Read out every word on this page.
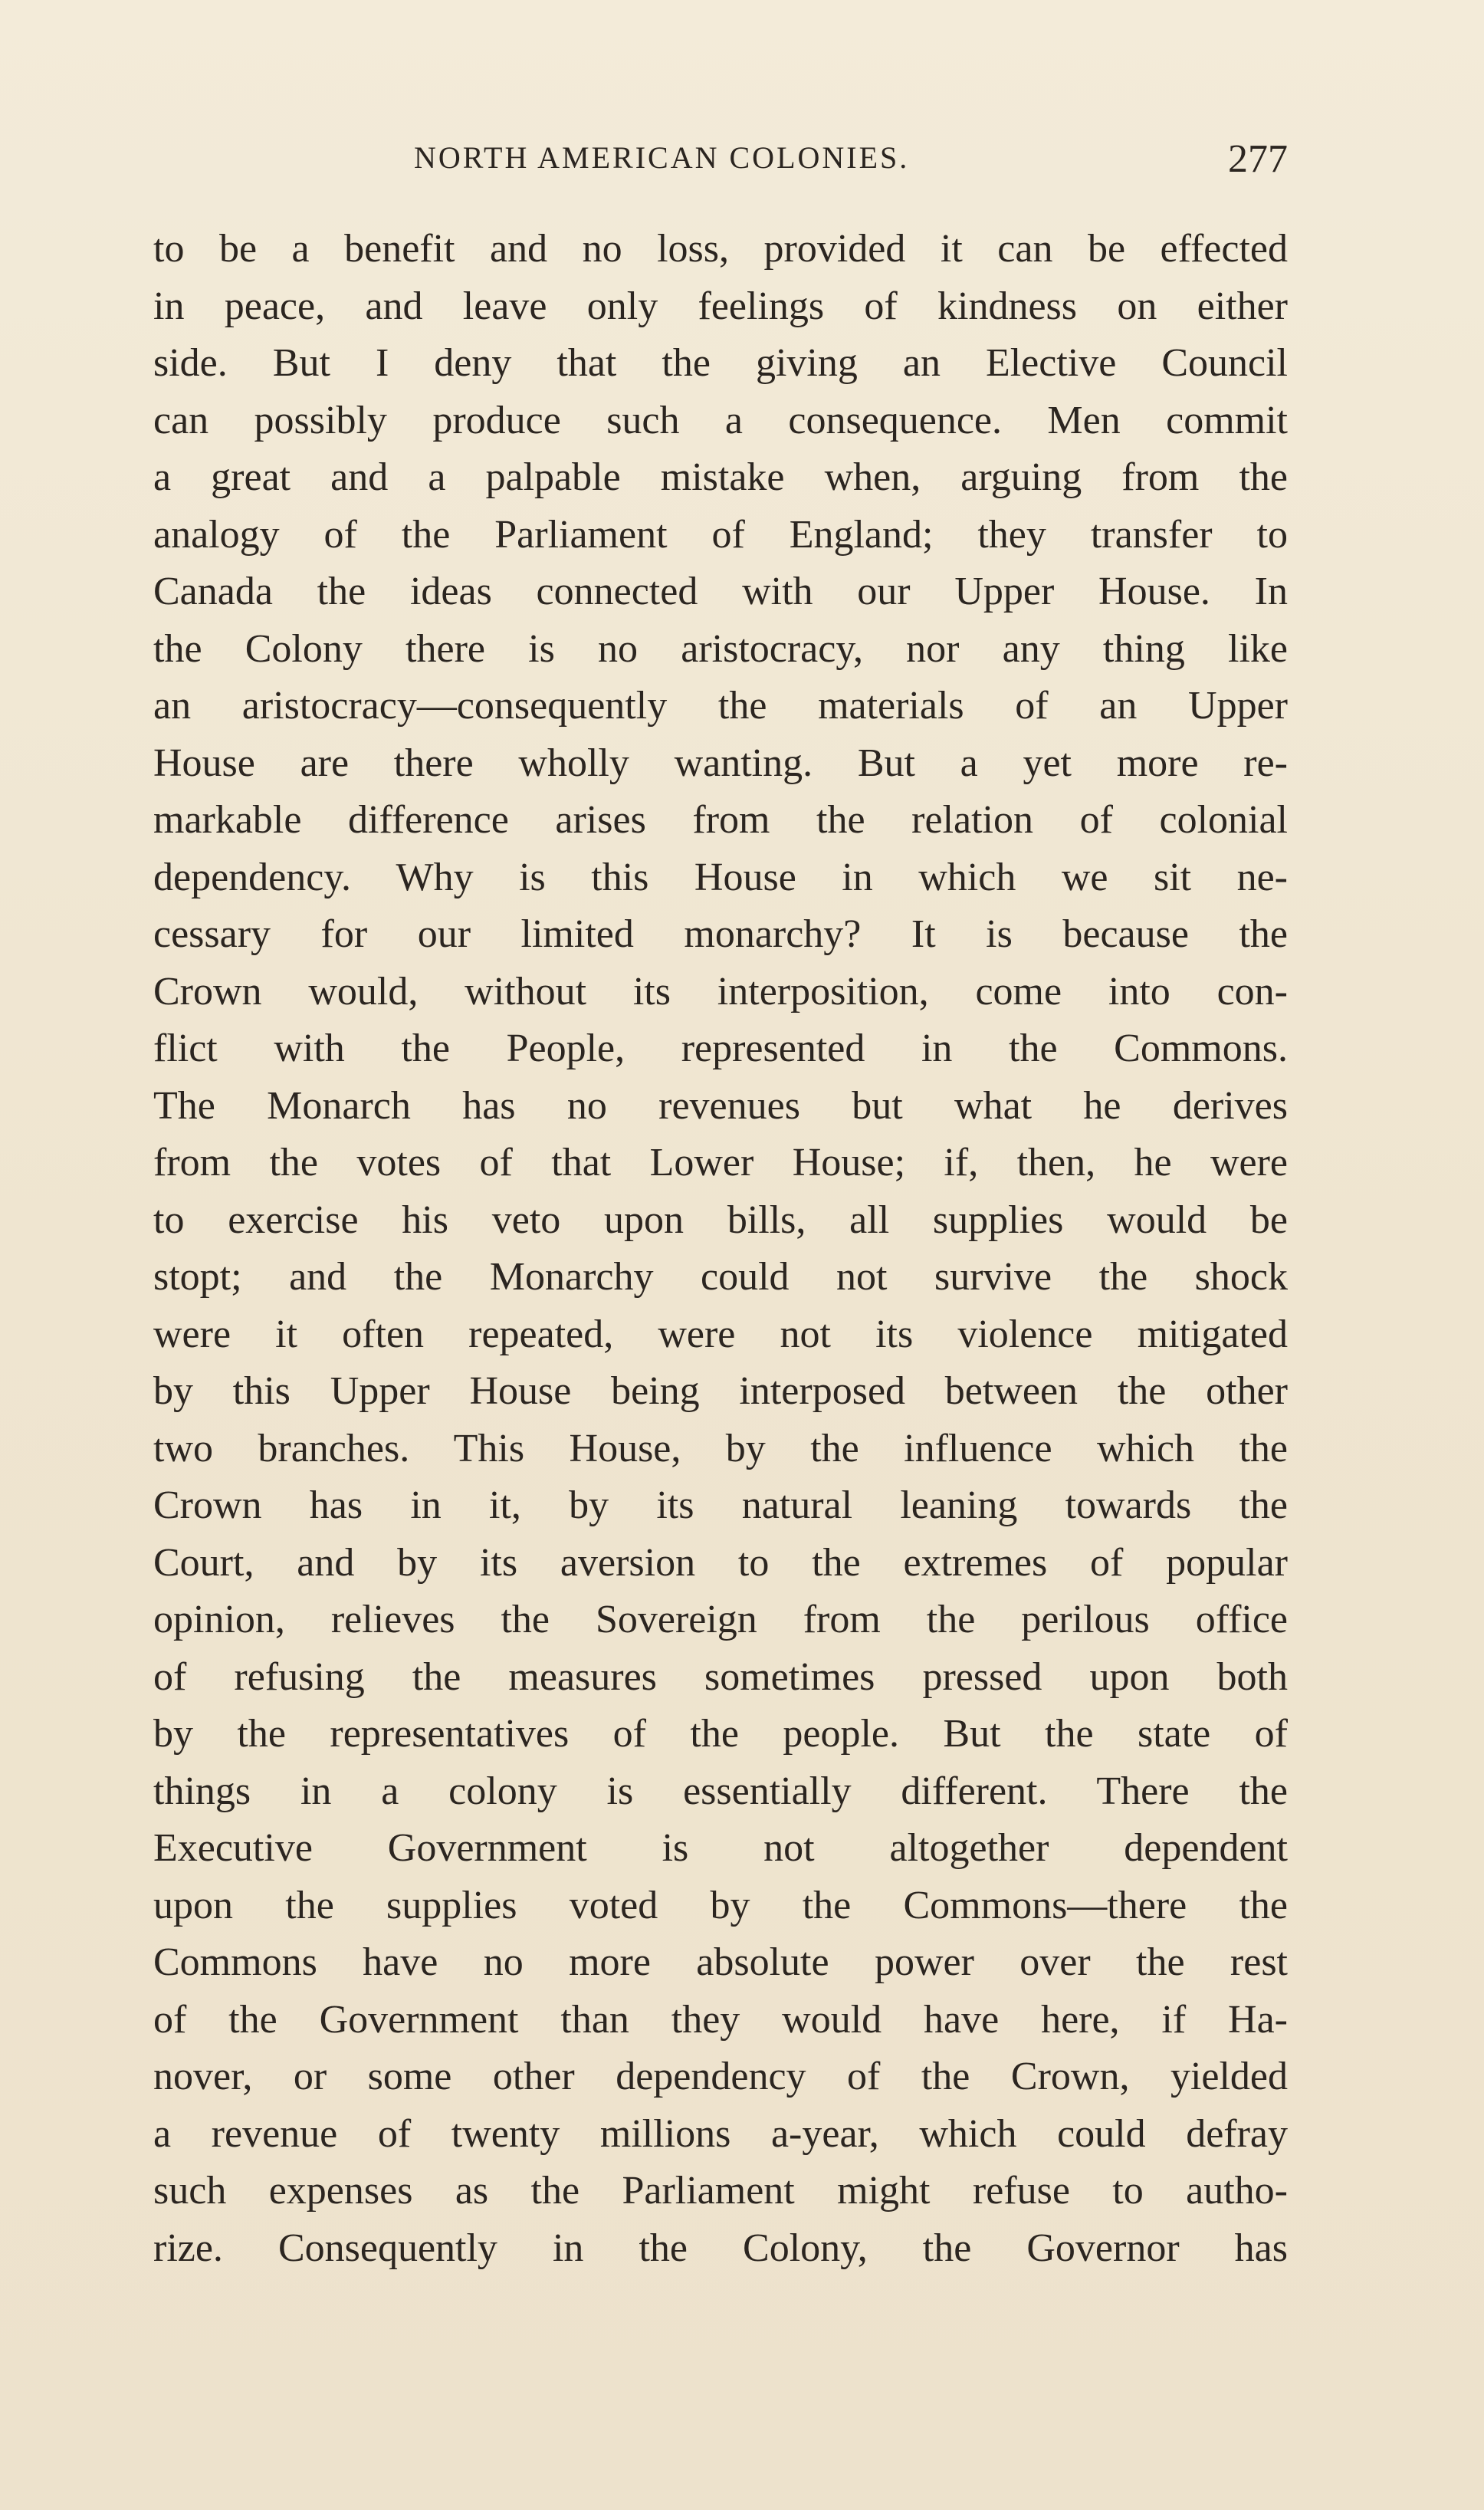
NORTH AMERICAN COLONIES.	277
to be a benefit and no loss, provided it can be effected
in peace, and leave only feelings of kindness on either
side. But I deny that the giving an Elective Council
can possibly produce such a consequence. Men commit
a great and a palpable mistake when, arguing from the
analogy of the Parliament of England; they transfer to
Canada the ideas connected with our Upper House. In
the Colony there is no aristocracy, nor any thing like
an aristocracy—consequently the materials of an Upper
House are there wholly wanting. But a yet more re-
markable difference arises from the relation of colonial
dependency. Why is this House in which we sit ne-
cessary for our limited monarchy? It is because the
Crown would, without its interposition, come into con-
flict with the People, represented in the Commons.
The Monarch has no revenues but what he derives
from the votes of that Lower House; if, then, he were
to exercise his veto upon bills, all supplies would be
stopt; and the Monarchy could not survive the shock
were it often repeated, were not its violence mitigated
by this Upper House being interposed between the other
two branches. This House, by the influence which the
Crown has in it, by its natural leaning towards the
Court, and by its aversion to the extremes of popular
opinion, relieves the Sovereign from the perilous office
of refusing the measures sometimes pressed upon both
by the representatives of the people. But the state of
things in a colony is essentially different. There the
Executive Government is not altogether dependent
upon the supplies voted by the Commons—there the
Commons have no more absolute power over the rest
of the Government than they would have here, if Ha-
nover, or some other dependency of the Crown, yielded
a revenue of twenty millions a-year, which could defray
such expenses as the Parliament might refuse to autho-
rize. Consequently in the Colony, the Governor has
